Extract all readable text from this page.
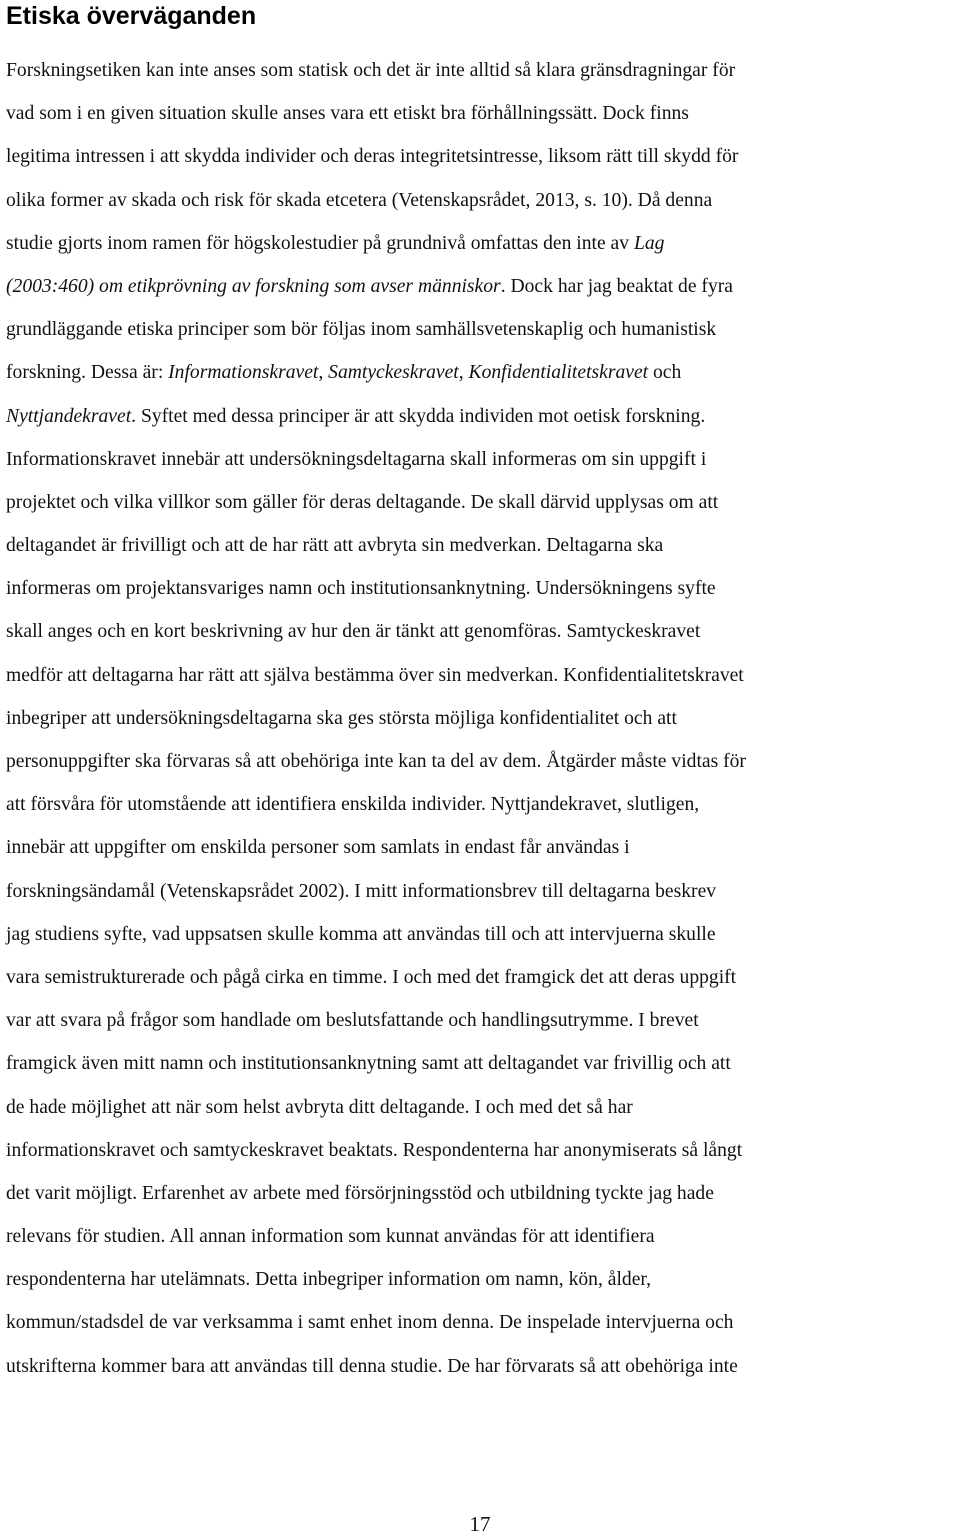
Etiska överväganden
Forskningsetiken kan inte anses som statisk och det är inte alltid så klara gränsdragningar för
vad som i en given situation skulle anses vara ett etiskt bra förhållningssätt. Dock finns
legitima intressen i att skydda individer och deras integritetsintresse, liksom rätt till skydd för
olika former av skada och risk för skada etcetera (Vetenskapsrådet, 2013, s. 10). Då denna
studie gjorts inom ramen för högskolestudier på grundnivå omfattas den inte av Lag
(2003:460) om etikprövning av forskning som avser människor. Dock har jag beaktat de fyra
grundläggande etiska principer som bör följas inom samhällsvetenskaplig och humanistisk
forskning. Dessa är: Informationskravet, Samtyckeskravet, Konfidentialitetskravet och
Nyttjandekravet. Syftet med dessa principer är att skydda individen mot oetisk forskning.
Informationskravet innebär att undersökningsdeltagarna skall informeras om sin uppgift i
projektet och vilka villkor som gäller för deras deltagande. De skall därvid upplysas om att
deltagandet är frivilligt och att de har rätt att avbryta sin medverkan. Deltagarna ska
informeras om projektansvariges namn och institutionsanknytning. Undersökningens syfte
skall anges och en kort beskrivning av hur den är tänkt att genomföras. Samtyckeskravet
medför att deltagarna har rätt att själva bestämma över sin medverkan. Konfidentialitetskravet
inbegriper att undersökningsdeltagarna ska ges största möjliga konfidentialitet och att
personuppgifter ska förvaras så att obehöriga inte kan ta del av dem. Åtgärder måste vidtas för
att försvåra för utomstående att identifiera enskilda individer. Nyttjandekravet, slutligen,
innebär att uppgifter om enskilda personer som samlats in endast får användas i
forskningsändamål (Vetenskapsrådet 2002). I mitt informationsbrev till deltagarna beskrev
jag studiens syfte, vad uppsatsen skulle komma att användas till och att intervjuerna skulle
vara semistrukturerade och pågå cirka en timme. I och med det framgick det att deras uppgift
var att svara på frågor som handlade om beslutsfattande och handlingsutrymme. I brevet
framgick även mitt namn och institutionsanknytning samt att deltagandet var frivillig och att
de hade möjlighet att när som helst avbryta ditt deltagande. I och med det så har
informationskravet och samtyckeskravet beaktats. Respondenterna har anonymiserats så långt
det varit möjligt. Erfarenhet av arbete med försörjningsstöd och utbildning tyckte jag hade
relevans för studien. All annan information som kunnat användas för att identifiera
respondenterna har utelämnats. Detta inbegriper information om namn, kön, ålder,
kommun/stadsdel de var verksamma i samt enhet inom denna. De inspelade intervjuerna och
utskrifterna kommer bara att användas till denna studie. De har förvarats så att obehöriga inte
17
